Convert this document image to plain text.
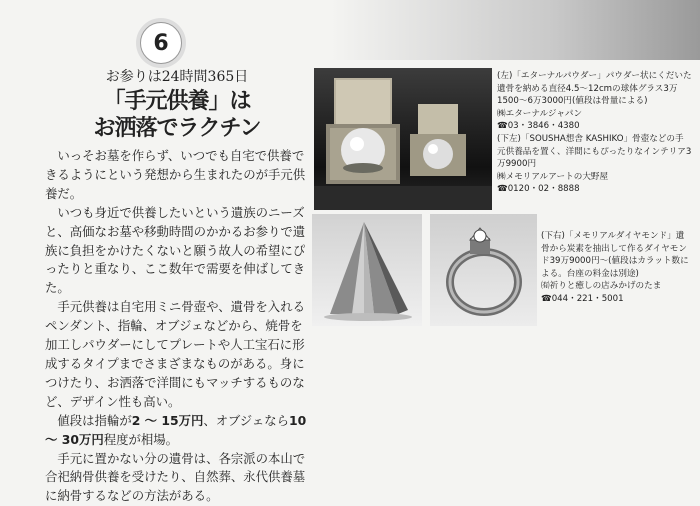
6
お参りは24時間365日
「手元供養」は
お洒落でラクチン

いっそお墓を作らず、いつでも自宅で供養できるようにという発想から生まれたのが手元供養だ。

いつも身近で供養したいという遺族のニーズと、高価なお墓や移動時間のかかるお参りで遺族に負担をかけたくないと願う故人の希望にぴったりと重なり、ここ数年で需要を伸ばしてきた。

手元供養は自宅用ミニ骨壺や、遺骨を入れるペンダント、指輪、オブジェなどから、焼骨を加工しパウダーにしてプレートや人工宝石に形成するタイプまでさまざまなものがある。身につけたり、お洒落で洋間にもマッチするものなど、デザイン性も高い。

値段は指輪が2 ～ 15万円、オブジェなら10 ～ 30万円程度が相場。

手元に置かない分の遺骨は、各宗派の本山で合祀納骨供養を受けたり、自然葬、永代供養墓に納骨するなどの方法がある。

(左)「エターナルパウダー」パウダー状にくだいた遺骨を納める直径4.5～12cmの球体グラス3万1500～6万3000円(値段は骨量による)
㈱エターナルジャパン
☎03・3846・4380
(下左)「SOUSHA想舎 KASHIKO」骨壺などの手元供養品を置く、洋間にもぴったりなインテリア3万9900円
㈱メモリアルアートの大野屋
☎0120・02・8888
(下右)「メモリアルダイヤモンド」遺骨から炭素を抽出して作るダイヤモンド39万9000円～(値段はカラット数による。台座の料金は別途)
㈲祈りと癒しの店みかげのたま
☎044・221・5001
